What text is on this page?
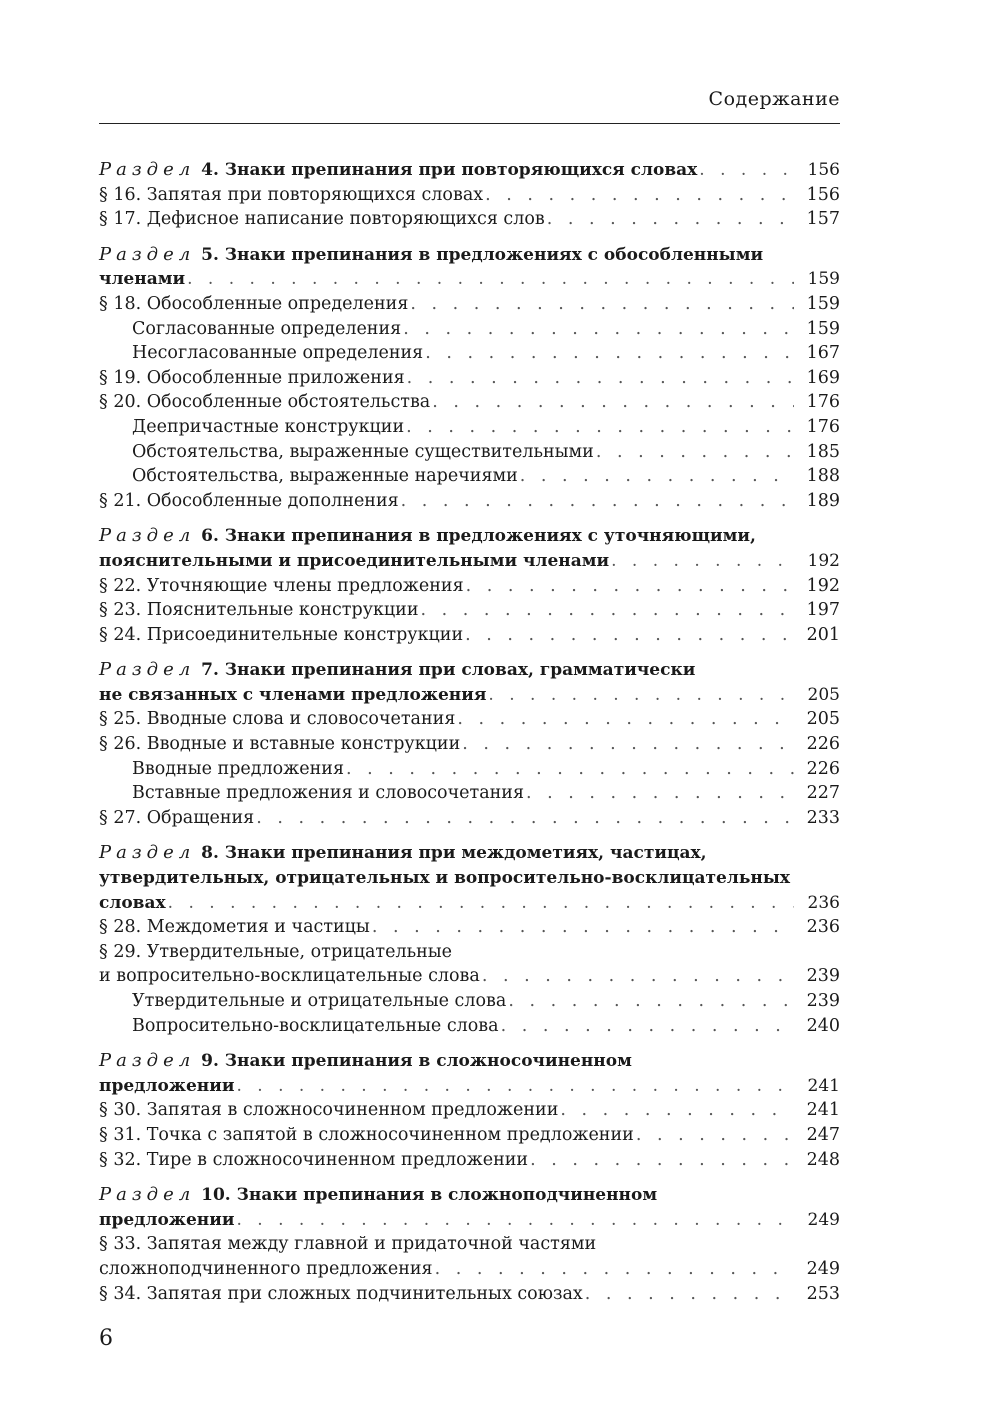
Содержание
Раздел 4. Знаки препинания при повторяющихся словах . . .	156
§ 16. Запятая при повторяющихся словах . . .	156
§ 17. Дефисное написание повторяющихся слов . . .	157
Раздел 5. Знаки препинания в предложениях с обособленными
членами . . .	159
§ 18. Обособленные определения . . .	159
Согласованные определения . . .	159
Несогласованные определения . . .	167
§ 19. Обособленные приложения . . .	169
§ 20. Обособленные обстоятельства . . .	176
Деепричастные конструкции . . .	176
Обстоятельства, выраженные существительными . . .	185
Обстоятельства, выраженные наречиями . . .	188
§ 21. Обособленные дополнения . . .	189
Раздел 6. Знаки препинания в предложениях с уточняющими,
пояснительными и присоединительными членами . . .	192
§ 22. Уточняющие члены предложения . . .	192
§ 23. Пояснительные конструкции . . .	197
§ 24. Присоединительные конструкции . . .	201
Раздел 7. Знаки препинания при словах, грамматически
не связанных с членами предложения . . .	205
§ 25. Вводные слова и словосочетания . . .	205
§ 26. Вводные и вставные конструкции . . .	226
Вводные предложения . . .	226
Вставные предложения и словосочетания . . .	227
§ 27. Обращения . . .	233
Раздел 8. Знаки препинания при междометиях, частицах,
утвердительных, отрицательных и вопросительно-восклицательных
словах . . .	236
§ 28. Междометия и частицы . . .	236
§ 29. Утвердительные, отрицательные
и вопросительно-восклицательные слова . . .	239
Утвердительные и отрицательные слова . . .	239
Вопросительно-восклицательные слова . . .	240
Раздел 9. Знаки препинания в сложносочиненном
предложении . . .	241
§ 30. Запятая в сложносочиненном предложении . . .	241
§ 31. Точка с запятой в сложносочиненном предложении . . .	247
§ 32. Тире в сложносочиненном предложении . . .	248
Раздел 10. Знаки препинания в сложноподчиненном
предложении . . .	249
§ 33. Запятая между главной и придаточной частями
сложноподчиненного предложения . . .	249
§ 34. Запятая при сложных подчинительных союзах . . .	253
6
